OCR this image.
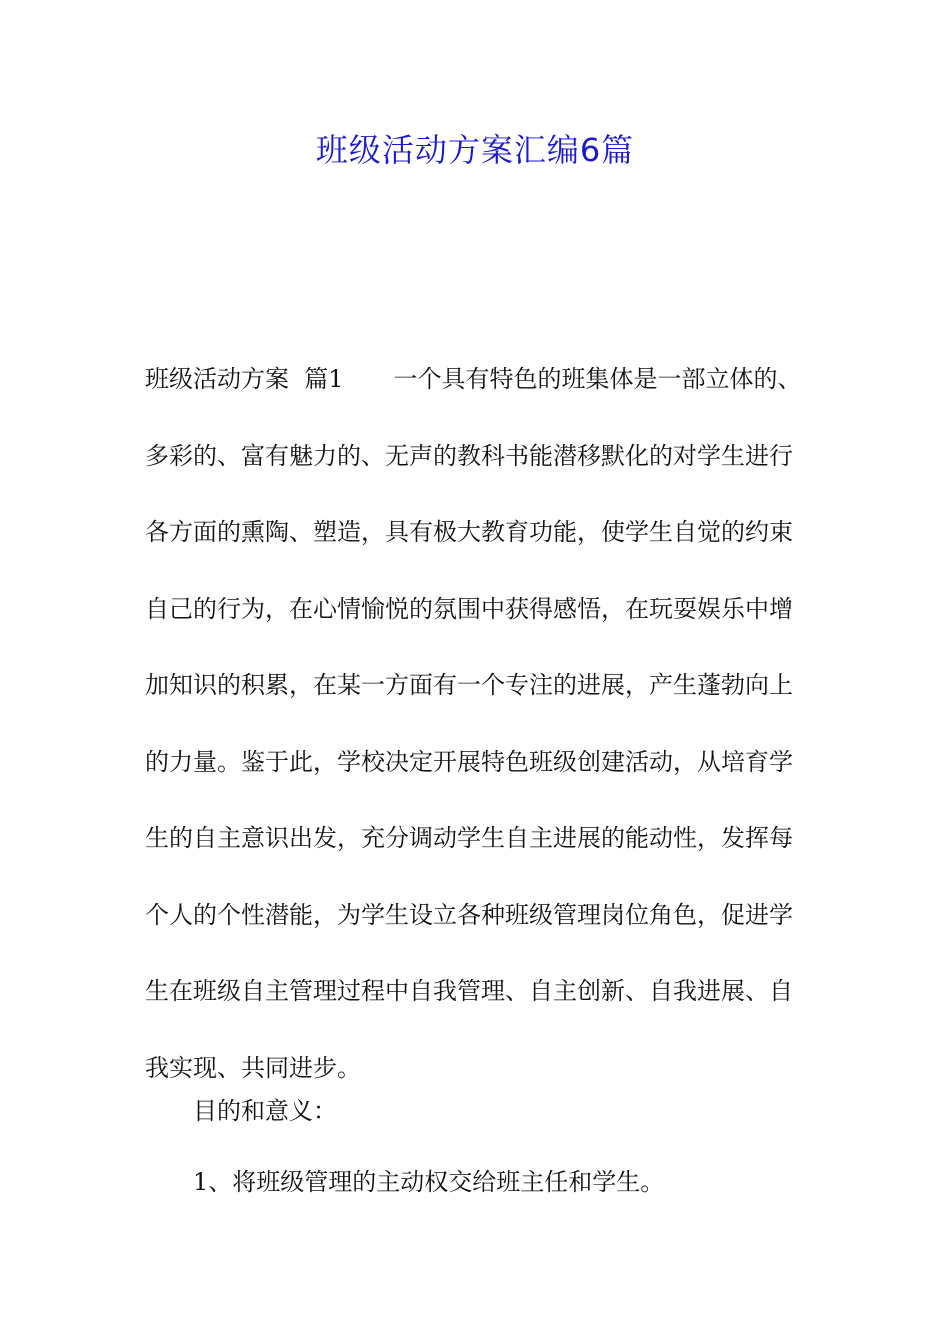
班级活动方案汇编6篇
班级活动方案  篇1 一个具有特色的班集体是一部立体的、
多彩的、富有魅力的、无声的教科书能潜移默化的对学生进行
各方面的熏陶、塑造，具有极大教育功能，使学生自觉的约束
自己的行为，在心情愉悦的氛围中获得感悟，在玩耍娱乐中增
加知识的积累，在某一方面有一个专注的进展，产生蓬勃向上
的力量。鉴于此，学校决定开展特色班级创建活动，从培育学
生的自主意识出发，充分调动学生自主进展的能动性，发挥每
个人的个性潜能，为学生设立各种班级管理岗位角色，促进学
生在班级自主管理过程中自我管理、自主创新、自我进展、自
我实现、共同进步。

目的和意义：

1、将班级管理的主动权交给班主任和学生。
